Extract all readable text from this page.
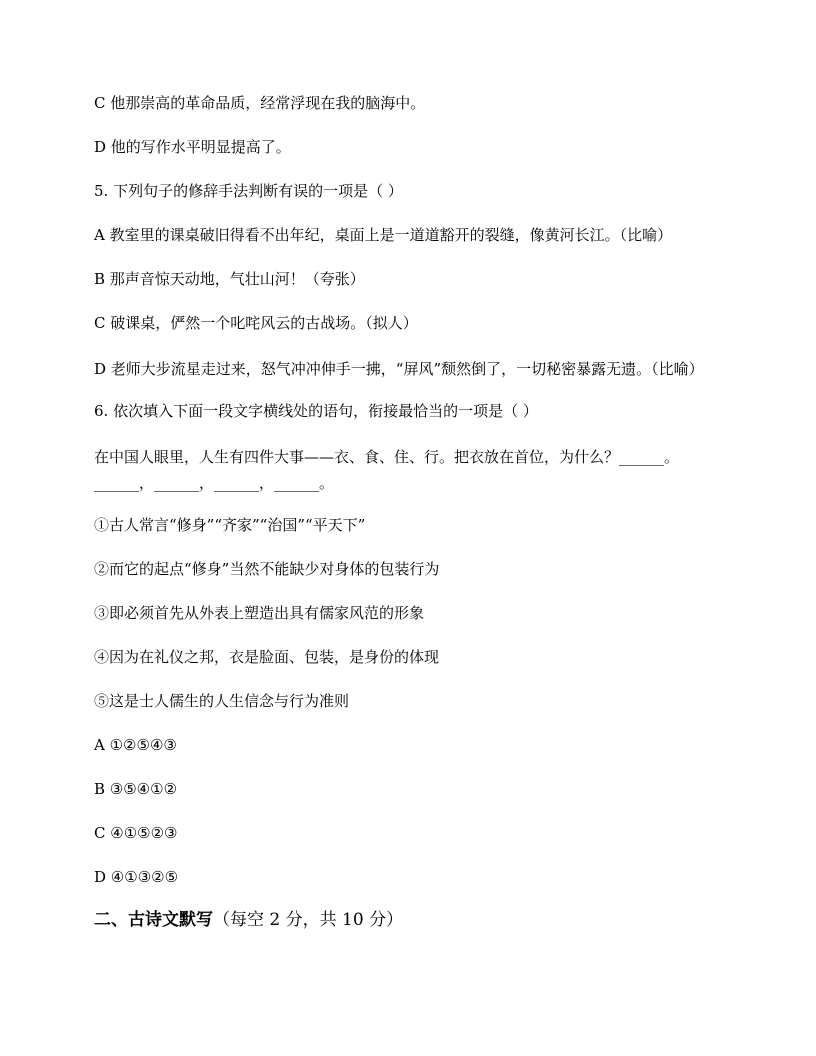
C 他那崇高的革命品质，经常浮现在我的脑海中。

D 他的写作水平明显提高了。

5. 下列句子的修辞手法判断有误的一项是（ ）

A 教室里的课桌破旧得看不出年纪，桌面上是一道道豁开的裂缝，像黄河长江。（比喻）

B 那声音惊天动地，气壮山河！（夸张）

C 破课桌，俨然一个叱咤风云的古战场。（拟人）

D 老师大步流星走过来，怒气冲冲伸手一拂，“屏风”颓然倒了，一切秘密暴露无遗。（比喻）

6. 依次填入下面一段文字横线处的语句，衔接最恰当的一项是（ ）

在中国人眼里，人生有四件大事——衣、食、住、行。把衣放在首位，为什么？______。______，______，______，______。

①古人常言“修身”“齐家”“治国”“平天下”

②而它的起点“修身”当然不能缺少对身体的包装行为

③即必须首先从外表上塑造出具有儒家风范的形象

④因为在礼仪之邦，衣是脸面、包装，是身份的体现

⑤这是士人儒生的人生信念与行为准则

A ①②⑤④③

B ③⑤④①②

C ④①⑤②③

D ④①③②⑤

二、古诗文默写（每空 2 分，共 10 分）
